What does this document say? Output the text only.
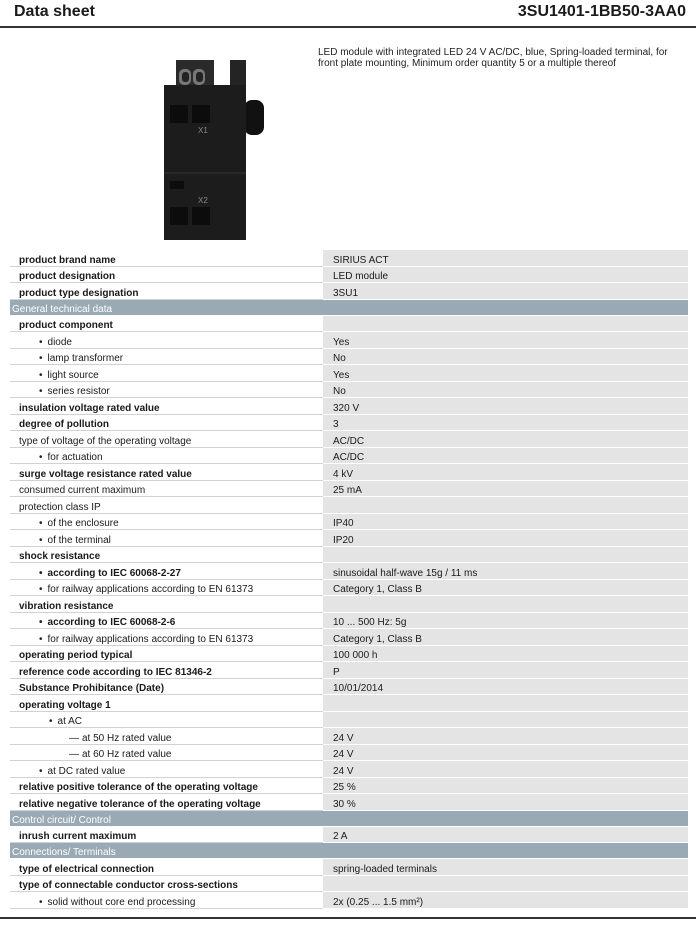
Data sheet	3SU1401-1BB50-3AA0
X1
X2
LED module with integrated LED 24 V AC/DC, blue, Spring-loaded terminal, for front plate mounting, Minimum order quantity 5 or a multiple thereof
product brand name	SIRIUS ACT
product designation	LED module
product type designation	3SU1
General technical data	
product component	
• diode	Yes
• lamp transformer	No
• light source	Yes
• series resistor	No
insulation voltage rated value	320 V
degree of pollution	3
type of voltage of the operating voltage	AC/DC
• for actuation	AC/DC
surge voltage resistance rated value	4 kV
consumed current maximum	25 mA
protection class IP	
• of the enclosure	IP40
• of the terminal	IP20
shock resistance	
• according to IEC 60068-2-27	sinusoidal half-wave 15g / 11 ms
• for railway applications according to EN 61373	Category 1, Class B
vibration resistance	
• according to IEC 60068-2-6	10 ... 500 Hz: 5g
• for railway applications according to EN 61373	Category 1, Class B
operating period typical	100 000 h
reference code according to IEC 81346-2	P
Substance Prohibitance (Date)	10/01/2014
operating voltage 1	
• at AC	
— at 50 Hz rated value	24 V
— at 60 Hz rated value	24 V
• at DC rated value	24 V
relative positive tolerance of the operating voltage	25 %
relative negative tolerance of the operating voltage	30 %
Control circuit/ Control	
inrush current maximum	2 A
Connections/ Terminals	
type of electrical connection	spring-loaded terminals
type of connectable conductor cross-sections	
• solid without core end processing	2x (0.25 ... 1.5 mm²)
